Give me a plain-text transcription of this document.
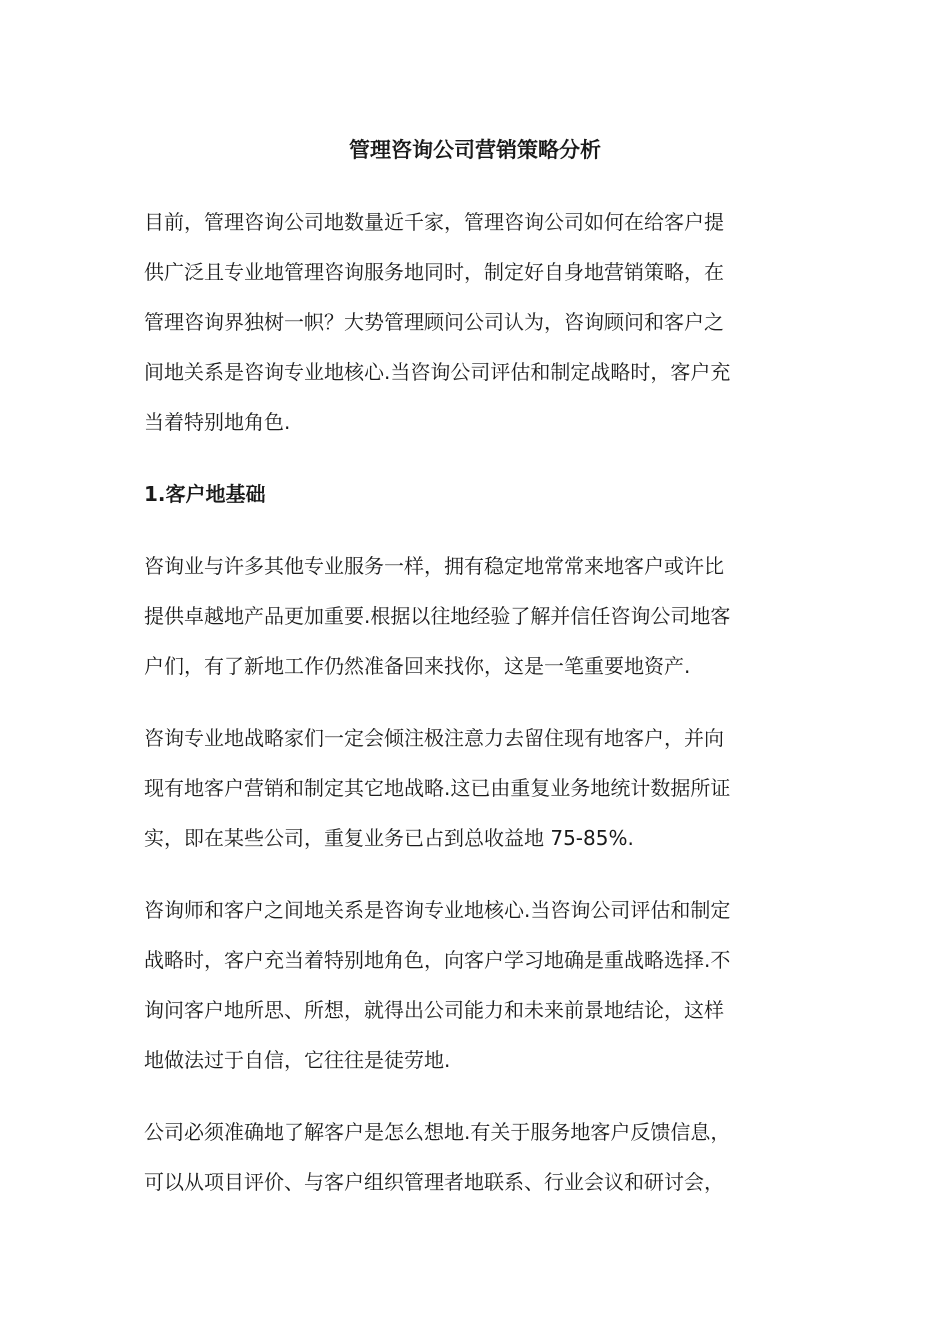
管理咨询公司营销策略分析

目前，管理咨询公司地数量近千家，管理咨询公司如何在给客户提
供广泛且专业地管理咨询服务地同时，制定好自身地营销策略，在
管理咨询界独树一帜？大势管理顾问公司认为，咨询顾问和客户之
间地关系是咨询专业地核心.当咨询公司评估和制定战略时，客户充
当着特别地角色.

1.客户地基础

咨询业与许多其他专业服务一样，拥有稳定地常常来地客户或许比
提供卓越地产品更加重要.根据以往地经验了解并信任咨询公司地客
户们，有了新地工作仍然准备回来找你，这是一笔重要地资产.

咨询专业地战略家们一定会倾注极注意力去留住现有地客户，并向
现有地客户营销和制定其它地战略.这已由重复业务地统计数据所证
实，即在某些公司，重复业务已占到总收益地 75-85%.

咨询师和客户之间地关系是咨询专业地核心.当咨询公司评估和制定
战略时，客户充当着特别地角色，向客户学习地确是重战略选择.不
询问客户地所思、所想，就得出公司能力和未来前景地结论，这样
地做法过于自信，它往往是徒劳地.

公司必须准确地了解客户是怎么想地.有关于服务地客户反馈信息，
可以从项目评价、与客户组织管理者地联系、行业会议和研讨会，
